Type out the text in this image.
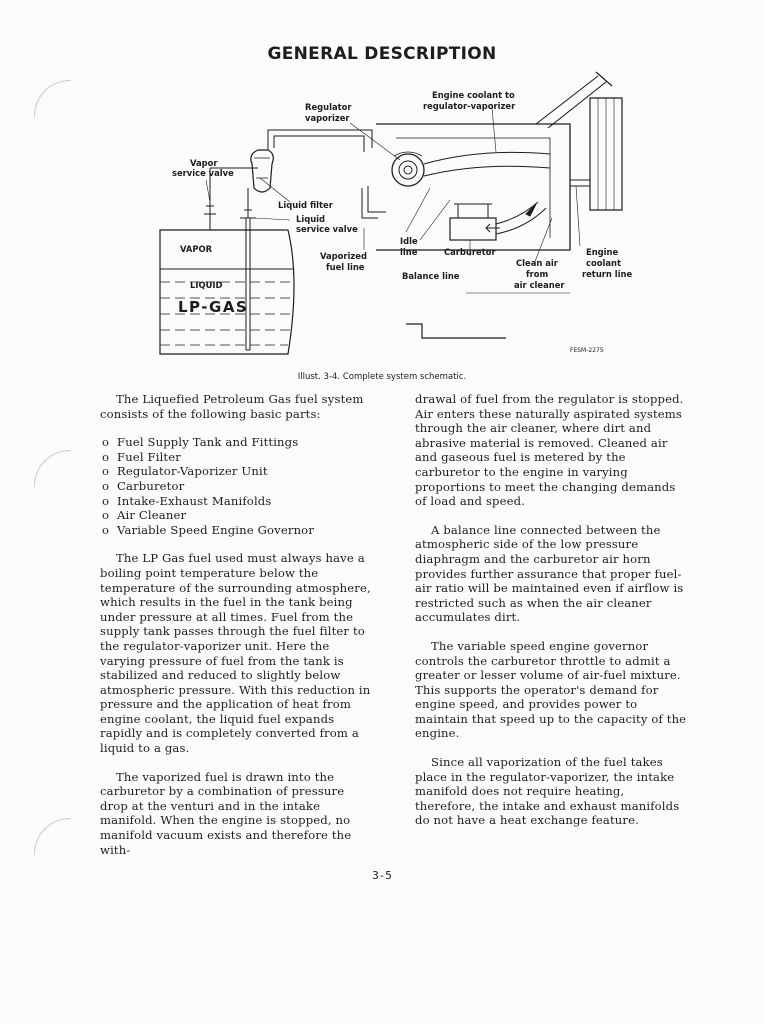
GENERAL DESCRIPTION
Regulator
vaporizer
Engine coolant to
regulator-vaporizer
Vapor
service valve
Liquid filter
Liquid
service valve
VAPOR
Vaporized
fuel line
Idle
line	Carburetor
Balance line
Clean air
from
air cleaner
Engine
coolant
return line
LIQUID
LP-GAS
FESM-2275
Illust. 3-4. Complete system schematic.

The Liquefied Petroleum Gas fuel system consists of the following basic parts:

o Fuel Supply Tank and Fittings
o Fuel Filter
o Regulator-Vaporizer Unit
o Carburetor
o Intake-Exhaust Manifolds
o Air Cleaner
o Variable Speed Engine Governor

The LP Gas fuel used must always have a boiling point temperature below the temperature of the surrounding atmosphere, which results in the fuel in the tank being under pressure at all times. Fuel from the supply tank passes through the fuel filter to the regulator-vaporizer unit. Here the varying pressure of fuel from the tank is stabilized and reduced to slightly below atmospheric pressure. With this reduction in pressure and the application of heat from engine coolant, the liquid fuel expands rapidly and is completely converted from a liquid to a gas.

The vaporized fuel is drawn into the carburetor by a combination of pressure drop at the venturi and in the intake manifold. When the engine is stopped, no manifold vacuum exists and therefore the with-

drawal of fuel from the regulator is stopped. Air enters these naturally aspirated systems through the air cleaner, where dirt and abrasive material is removed. Cleaned air and gaseous fuel is metered by the carburetor to the engine in varying proportions to meet the changing demands of load and speed.

A balance line connected between the atmospheric side of the low pressure diaphragm and the carburetor air horn provides further assurance that proper fuel-air ratio will be maintained even if airflow is restricted such as when the air cleaner accumulates dirt.

The variable speed engine governor controls the carburetor throttle to admit a greater or lesser volume of air-fuel mixture. This supports the operator's demand for engine speed, and provides power to maintain that speed up to the capacity of the engine.

Since all vaporization of the fuel takes place in the regulator-vaporizer, the intake manifold does not require heating, therefore, the intake and exhaust manifolds do not have a heat exchange feature.

3-5
